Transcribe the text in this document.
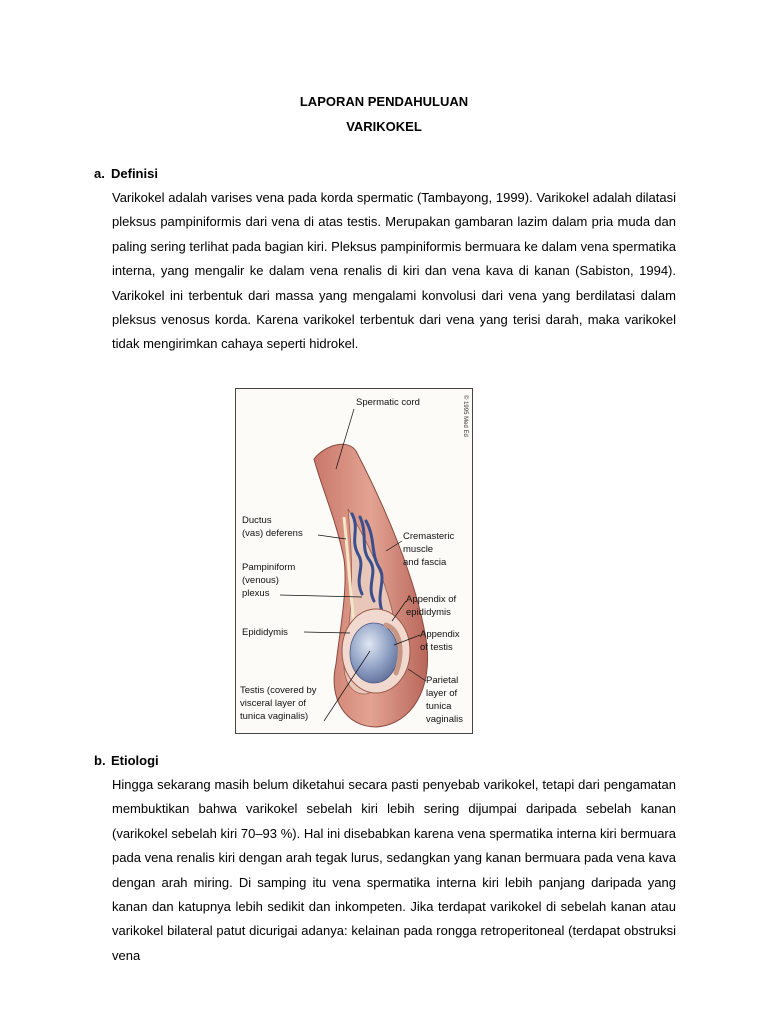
LAPORAN PENDAHULUAN
VARIKOKEL
a. Definisi
Varikokel adalah varises vena pada korda spermatic (Tambayong, 1999). Varikokel adalah dilatasi pleksus pampiniformis dari vena di atas testis. Merupakan gambaran lazim dalam pria muda dan paling sering terlihat pada bagian kiri. Pleksus pampiniformis bermuara ke dalam vena spermatika interna, yang mengalir ke dalam vena renalis di kiri dan vena kava di kanan (Sabiston, 1994). Varikokel ini terbentuk dari massa yang mengalami konvolusi dari vena yang berdilatasi dalam pleksus venosus korda. Karena varikokel terbentuk dari vena yang terisi darah, maka varikokel tidak mengirimkan cahaya seperti hidrokel.
Spermatic cord
Ductus
(vas) deferens
Pampiniform
(venous)
plexus
Epididymis
Testis (covered by
visceral layer of
tunica vaginalis)
Cremasteric
muscle
and fascia
Appendix of
epididymis
Appendix
of testis
Parietal
layer of
tunica
vaginalis
© 1995 Med Ed
b. Etiologi
Hingga sekarang masih belum diketahui secara pasti penyebab varikokel, tetapi dari pengamatan membuktikan bahwa varikokel sebelah kiri lebih sering dijumpai daripada sebelah kanan (varikokel sebelah kiri 70–93 %). Hal ini disebabkan karena vena spermatika interna kiri bermuara pada vena renalis kiri dengan arah tegak lurus, sedangkan yang kanan bermuara pada vena kava dengan arah miring. Di samping itu vena spermatika interna kiri lebih panjang daripada yang kanan dan katupnya lebih sedikit dan inkompeten. Jika terdapat varikokel di sebelah kanan atau varikokel bilateral patut dicurigai adanya: kelainan pada rongga retroperitoneal (terdapat obstruksi vena
